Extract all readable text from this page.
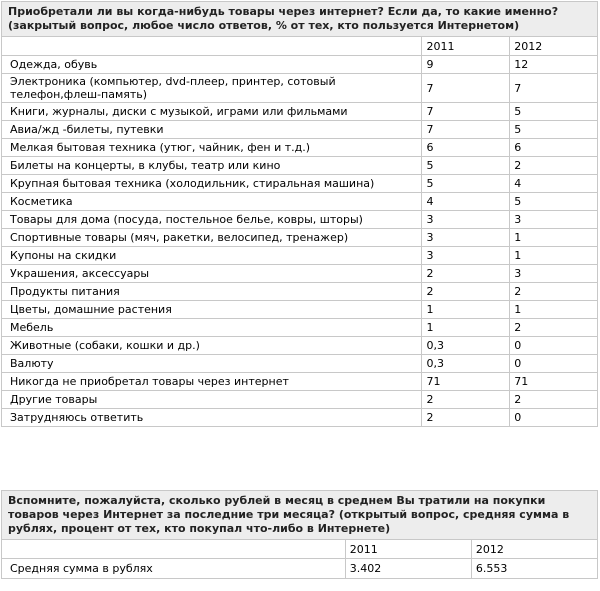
Приобретали ли вы когда-нибудь товары через интернет? Если да, то какие именно? (закрытый вопрос, любое число ответов, % от тех, кто пользуется Интернетом)		
	2011	2012
Одежда, обувь	9	12
Электроника (компьютер, dvd-плеер, принтер, сотовый телефон,флеш-память)	7	7
Книги, журналы, диски с музыкой, играми или фильмами	7	5
Авиа/жд -билеты, путевки	7	5
Мелкая бытовая техника (утюг, чайник, фен и т.д.)	6	6
Билеты на концерты, в клубы, театр или кино	5	2
Крупная бытовая техника (холодильник, стиральная машина)	5	4
Косметика	4	5
Товары для дома (посуда, постельное белье, ковры, шторы)	3	3
Спортивные товары (мяч, ракетки, велосипед, тренажер)	3	1
Купоны на скидки	3	1
Украшения, аксессуары	2	3
Продукты питания	2	2
Цветы, домашние растения	1	1
Мебель	1	2
Животные (собаки, кошки и др.)	0,3	0
Валюту	0,3	0
Никогда не приобретал товары через интернет	71	71
Другие товары	2	2
Затрудняюсь ответить	2	0
Вспомните, пожалуйста, сколько рублей в месяц в среднем Вы тратили на покупки товаров через Интернет за последние три месяца? (открытый вопрос, средняя сумма в рублях, процент от тех, кто покупал что-либо в Интернете)		
	2011	2012
Средняя сумма в рублях	3.402	6.553
